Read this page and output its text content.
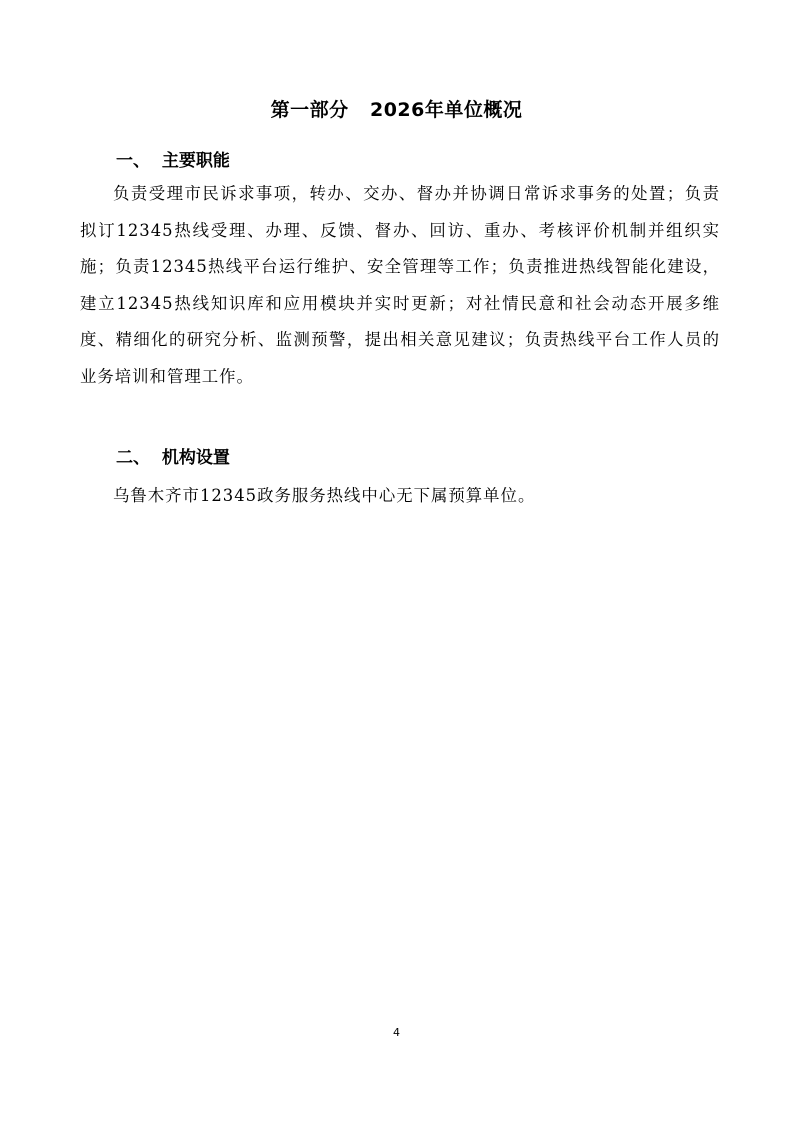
第一部分   2026年单位概况
一、  主要职能

负责受理市民诉求事项，转办、交办、督办并协调日常诉求事务的处置；负责拟订12345热线受理、办理、反馈、督办、回访、重办、考核评价机制并组织实施；负责12345热线平台运行维护、安全管理等工作；负责推进热线智能化建设，建立12345热线知识库和应用模块并实时更新；对社情民意和社会动态开展多维度、精细化的研究分析、监测预警，提出相关意见建议；负责热线平台工作人员的业务培训和管理工作。

二、  机构设置

乌鲁木齐市12345政务服务热线中心无下属预算单位。

4
